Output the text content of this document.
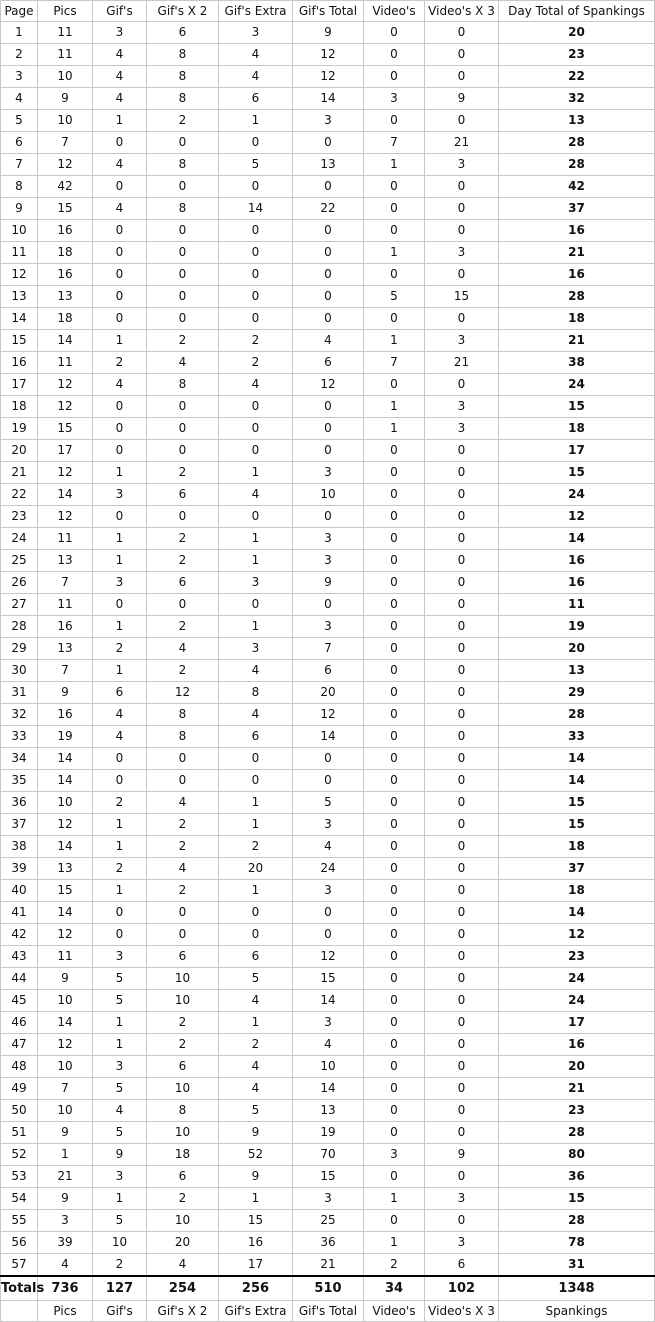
Page	Pics	Gif's	Gif's X 2	Gif's Extra	Gif's Total	Video's	Video's X 3	Day Total of Spankings
1	11	3	6	3	9	0	0	20
2	11	4	8	4	12	0	0	23
3	10	4	8	4	12	0	0	22
4	9	4	8	6	14	3	9	32
5	10	1	2	1	3	0	0	13
6	7	0	0	0	0	7	21	28
7	12	4	8	5	13	1	3	28
8	42	0	0	0	0	0	0	42
9	15	4	8	14	22	0	0	37
10	16	0	0	0	0	0	0	16
11	18	0	0	0	0	1	3	21
12	16	0	0	0	0	0	0	16
13	13	0	0	0	0	5	15	28
14	18	0	0	0	0	0	0	18
15	14	1	2	2	4	1	3	21
16	11	2	4	2	6	7	21	38
17	12	4	8	4	12	0	0	24
18	12	0	0	0	0	1	3	15
19	15	0	0	0	0	1	3	18
20	17	0	0	0	0	0	0	17
21	12	1	2	1	3	0	0	15
22	14	3	6	4	10	0	0	24
23	12	0	0	0	0	0	0	12
24	11	1	2	1	3	0	0	14
25	13	1	2	1	3	0	0	16
26	7	3	6	3	9	0	0	16
27	11	0	0	0	0	0	0	11
28	16	1	2	1	3	0	0	19
29	13	2	4	3	7	0	0	20
30	7	1	2	4	6	0	0	13
31	9	6	12	8	20	0	0	29
32	16	4	8	4	12	0	0	28
33	19	4	8	6	14	0	0	33
34	14	0	0	0	0	0	0	14
35	14	0	0	0	0	0	0	14
36	10	2	4	1	5	0	0	15
37	12	1	2	1	3	0	0	15
38	14	1	2	2	4	0	0	18
39	13	2	4	20	24	0	0	37
40	15	1	2	1	3	0	0	18
41	14	0	0	0	0	0	0	14
42	12	0	0	0	0	0	0	12
43	11	3	6	6	12	0	0	23
44	9	5	10	5	15	0	0	24
45	10	5	10	4	14	0	0	24
46	14	1	2	1	3	0	0	17
47	12	1	2	2	4	0	0	16
48	10	3	6	4	10	0	0	20
49	7	5	10	4	14	0	0	21
50	10	4	8	5	13	0	0	23
51	9	5	10	9	19	0	0	28
52	1	9	18	52	70	3	9	80
53	21	3	6	9	15	0	0	36
54	9	1	2	1	3	1	3	15
55	3	5	10	15	25	0	0	28
56	39	10	20	16	36	1	3	78
57	4	2	4	17	21	2	6	31
Totals	736	127	254	256	510	34	102	1348
	Pics	Gif's	Gif's X 2	Gif's Extra	Gif's Total	Video's	Video's X 3	Spankings
